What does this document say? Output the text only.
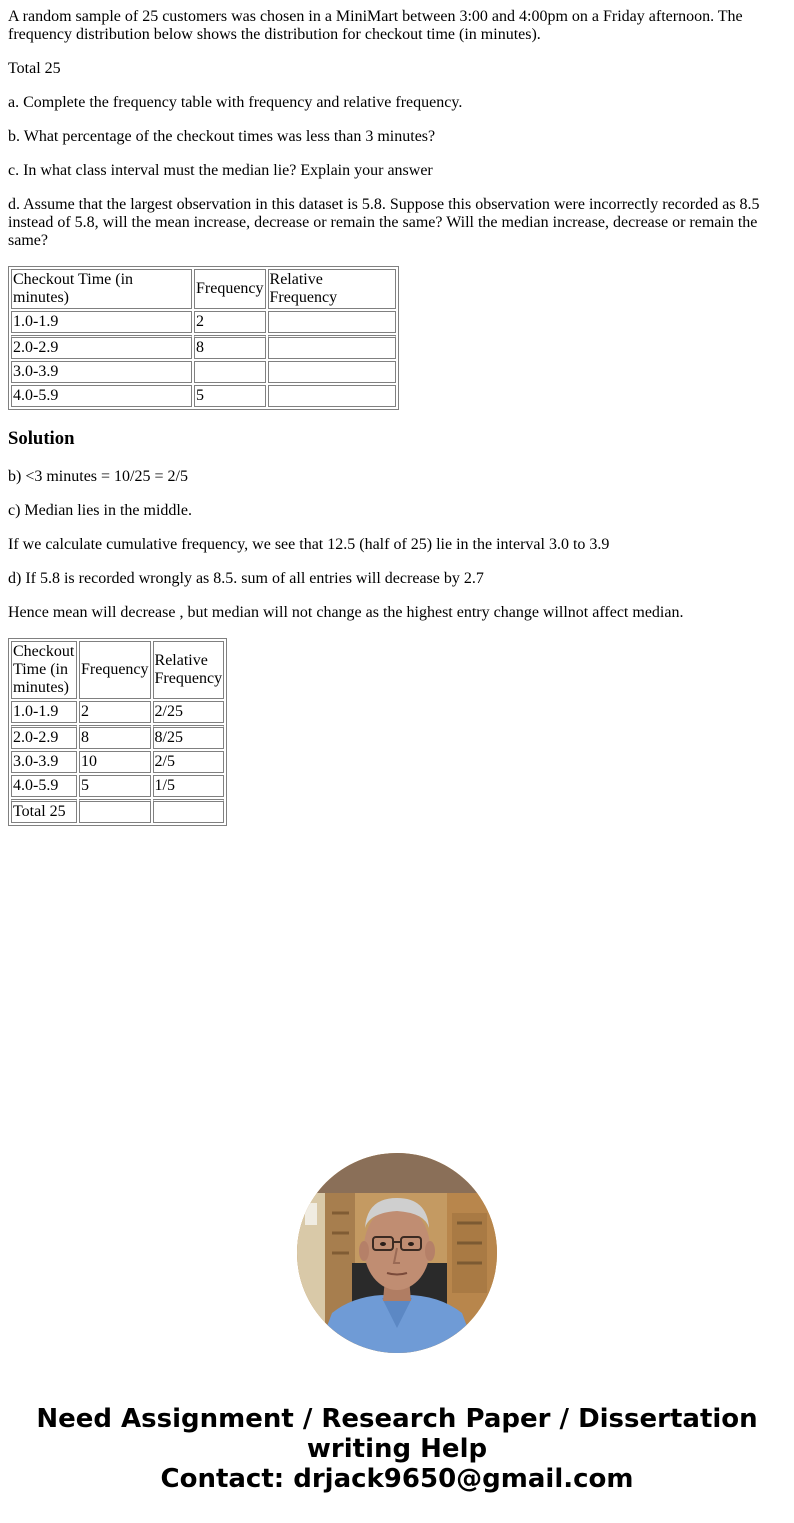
A random sample of 25 customers was chosen in a MiniMart between 3:00 and 4:00pm on a Friday afternoon. The frequency distribution below shows the distribution for checkout time (in minutes).

Total 25

a. Complete the frequency table with frequency and relative frequency.

b. What percentage of the checkout times was less than 3 minutes?

c. In what class interval must the median lie? Explain your answer

d. Assume that the largest observation in this dataset is 5.8. Suppose this observation were incorrectly recorded as 8.5 instead of 5.8, will the mean increase, decrease or remain the same? Will the median increase, decrease or remain the same?

Checkout Time (in minutes)	Frequency	Relative Frequency
1.0-1.9	2	
2.0-2.9	8	
3.0-3.9		
4.0-5.9	5	
Solution

b) <3 minutes = 10/25 = 2/5

c) Median lies in the middle.

If we calculate cumulative frequency, we see that 12.5 (half of 25) lie in the interval 3.0 to 3.9

d) If 5.8 is recorded wrongly as 8.5. sum of all entries will decrease by 2.7

Hence mean will decrease , but median will not change as the highest entry change willnot affect median.

Checkout Time (in minutes)	Frequency	Relative Frequency
1.0-1.9	2	2/25
2.0-2.9	8	8/25
3.0-3.9	10	2/5
4.0-5.9	5	1/5
Total 25		
Need Assignment / Research Paper / Dissertation
writing Help
Contact: drjack9650@gmail.com
